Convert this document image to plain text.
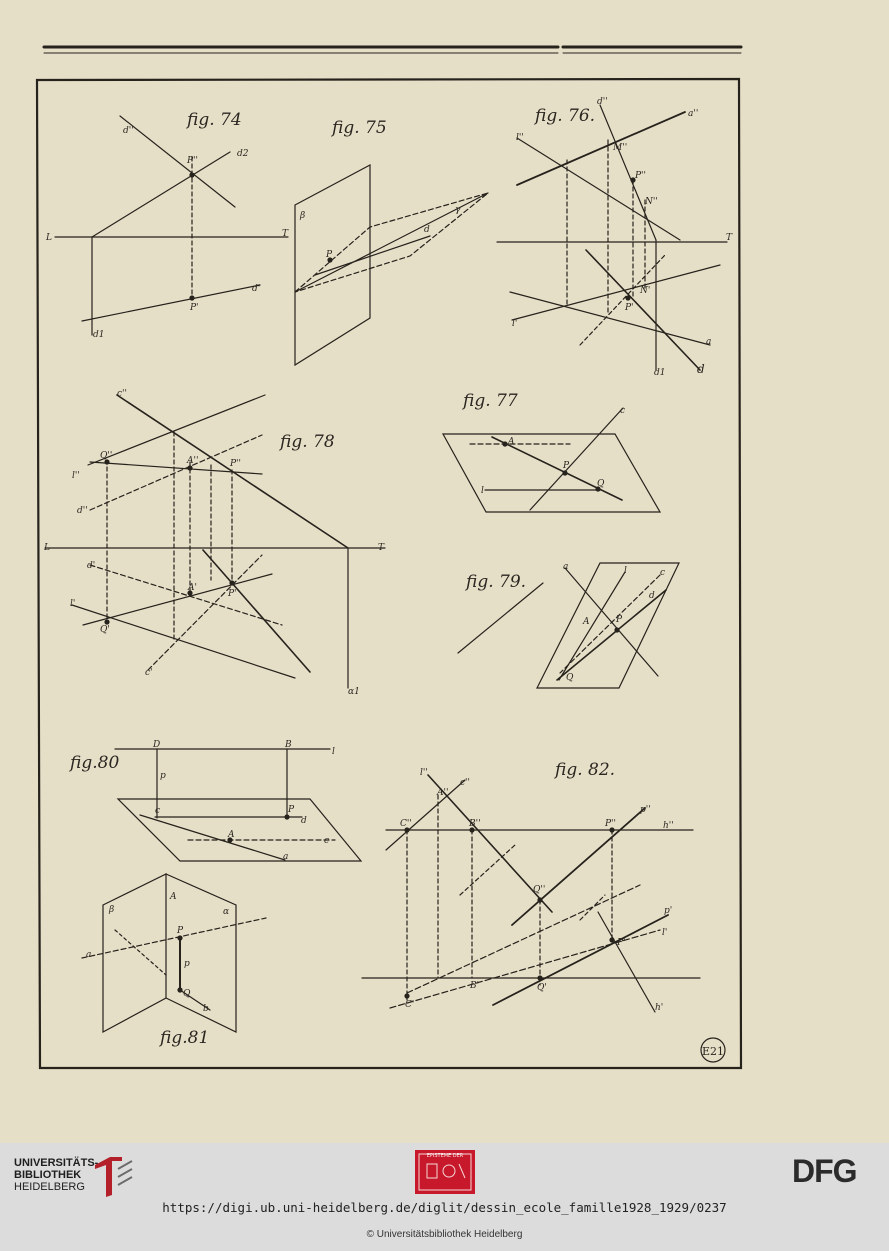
fig. 74
d''
d2
P''
L	T
P'
d'
d1
fig. 75
β
γ
d
P
fig. 76.
d''
a''
l''
M''
P''
N''
T
l'
N'
P'
d1	d
a
fig. 78
c''
Q''	A''	P''
l''
d''
L	T
d'
l'
A'
P'
Q'
c'
α1
fig. 77	c
A
P
Q
l
fig. 79.
a	l	c
d
A	P
Q
fig.80
D	B
l
p
c	P
d
A
c
a
fig.81
β
A
α
a
P
p
Q
b
fig. 82.
l''
A''
c''
p''
C''	B''	P''	h''
Q''
C'
B'	Q'
P'
p'
l'
h'
E21
UNIVERSITÄTS-
BIBLIOTHEK
HEIDELBERG
EPISTEME DER	DFG
https://digi.ub.uni-heidelberg.de/diglit/dessin_ecole_famille1928_1929/0237
© Universitätsbibliothek Heidelberg
